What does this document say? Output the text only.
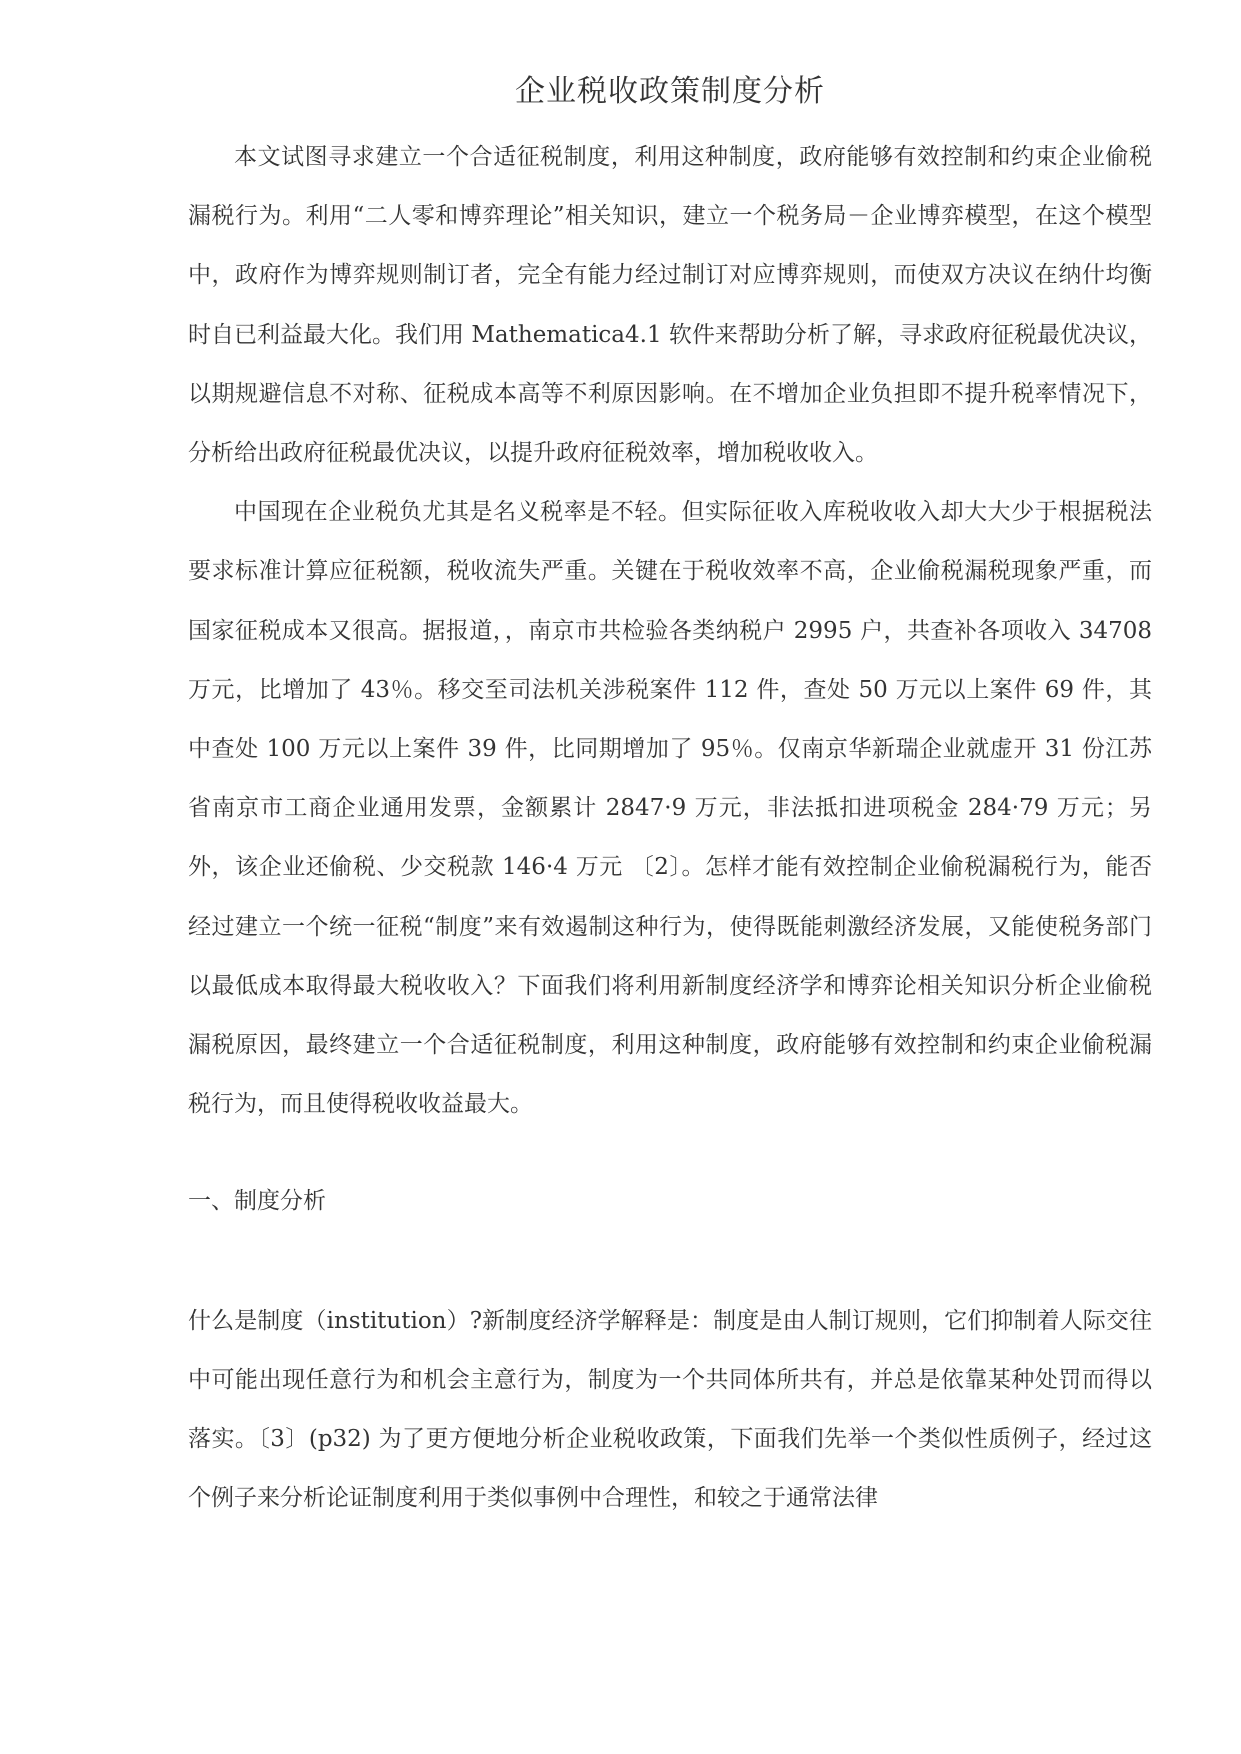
企业税收政策制度分析

本文试图寻求建立一个合适征税制度，利用这种制度，政府能够有效控制和约束企业偷税漏税行为。利用“二人零和博弈理论”相关知识，建立一个税务局－企业博弈模型，在这个模型中，政府作为博弈规则制订者，完全有能力经过制订对应博弈规则，而使双方决议在纳什均衡时自已利益最大化。我们用 Mathematica4.1 软件来帮助分析了解，寻求政府征税最优决议，以期规避信息不对称、征税成本高等不利原因影响。在不增加企业负担即不提升税率情况下，分析给出政府征税最优决议，以提升政府征税效率，增加税收收入。

中国现在企业税负尤其是名义税率是不轻。但实际征收入库税收收入却大大少于根据税法要求标准计算应征税额，税收流失严重。关键在于税收效率不高，企业偷税漏税现象严重，而国家征税成本又很高。据报道，，南京市共检验各类纳税户 2995 户，共查补各项收入 34708 万元，比增加了 43％。移交至司法机关涉税案件 112 件，查处 50 万元以上案件 69 件，其中查处 100 万元以上案件 39 件，比同期增加了 95％。仅南京华新瑞企业就虚开 31 份江苏省南京市工商企业通用发票，金额累计 2847·9 万元，非法抵扣进项税金 284·79 万元；另外，该企业还偷税、少交税款 146·4 万元 〔2〕。怎样才能有效控制企业偷税漏税行为，能否经过建立一个统一征税“制度”来有效遏制这种行为，使得既能刺激经济发展，又能使税务部门以最低成本取得最大税收收入？下面我们将利用新制度经济学和博弈论相关知识分析企业偷税漏税原因，最终建立一个合适征税制度，利用这种制度，政府能够有效控制和约束企业偷税漏税行为，而且使得税收收益最大。

一、制度分析

什么是制度（institution）?新制度经济学解释是：制度是由人制订规则，它们抑制着人际交往中可能出现任意行为和机会主意行为，制度为一个共同体所共有，并总是依靠某种处罚而得以落实。〔3〕(p32) 为了更方便地分析企业税收政策，下面我们先举一个类似性质例子，经过这个例子来分析论证制度利用于类似事例中合理性，和较之于通常法律
